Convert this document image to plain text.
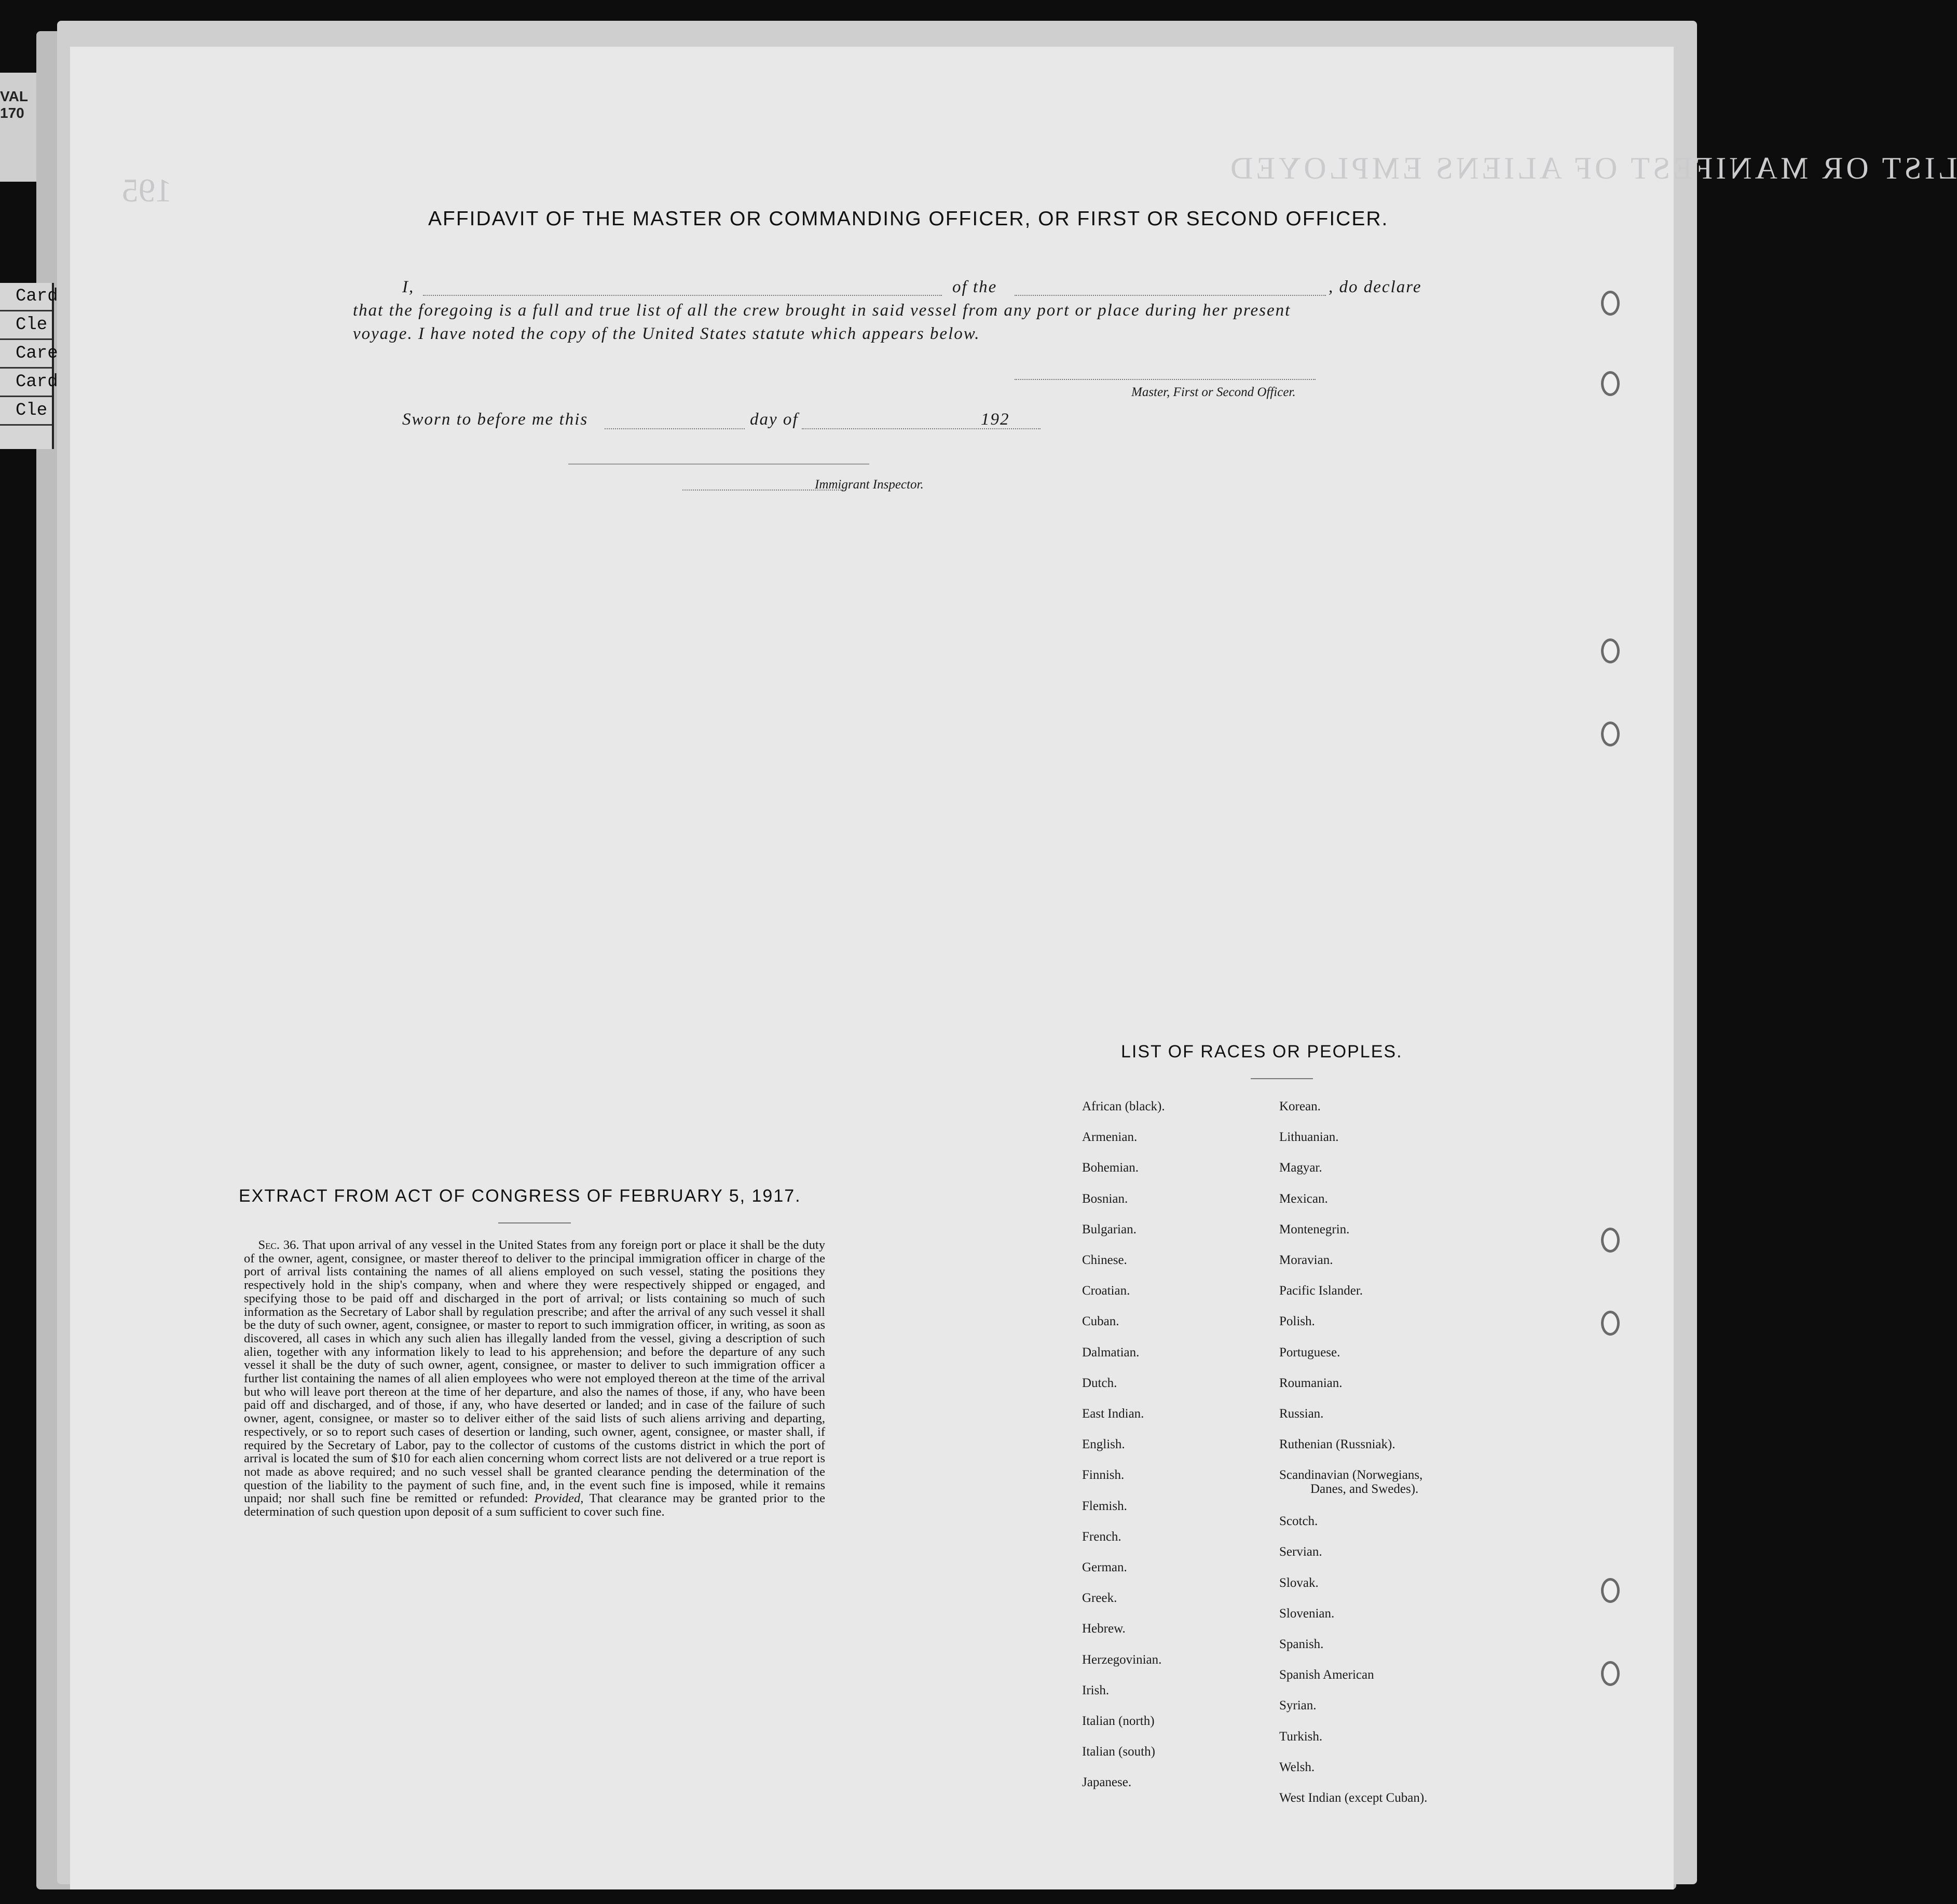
VAL 170
Card
Cle
Care
Card
Cle
LIST OR MANIFEST OF ALIENS EMPLOYED
195
AFFIDAVIT OF THE MASTER OR COMMANDING OFFICER, OR FIRST OR SECOND OFFICER.
I,	of the	, do declare
that the foregoing is a full and true list of all the crew brought in said vessel from any port or place during her present
voyage. I have noted the copy of the United States statute which appears below.
Master, First or Second Officer.
Sworn to before me this	day of	192
Immigrant Inspector.
LIST OF RACES OR PEOPLES.
EXTRACT FROM ACT OF CONGRESS OF FEBRUARY 5, 1917.
Sec. 36. That upon arrival of any vessel in the United States from any foreign port or place it shall be the duty of the owner, agent, consignee, or master thereof to deliver to the principal immigration officer in charge of the port of arrival lists containing the names of all aliens employed on such vessel, stating the positions they respectively hold in the ship's company, when and where they were respectively shipped or engaged, and specifying those to be paid off and discharged in the port of arrival; or lists containing so much of such information as the Secretary of Labor shall by regulation prescribe; and after the arrival of any such vessel it shall be the duty of such owner, agent, consignee, or master to report to such immigration officer, in writing, as soon as discovered, all cases in which any such alien has illegally landed from the vessel, giving a description of such alien, together with any information likely to lead to his apprehension; and before the departure of any such vessel it shall be the duty of such owner, agent, consignee, or master to deliver to such immigration officer a further list containing the names of all alien employees who were not employed thereon at the time of the arrival but who will leave port thereon at the time of her departure, and also the names of those, if any, who have been paid off and discharged, and of those, if any, who have deserted or landed; and in case of the failure of such owner, agent, consignee, or master so to deliver either of the said lists of such aliens arriving and departing, respectively, or so to report such cases of desertion or landing, such owner, agent, consignee, or master shall, if required by the Secretary of Labor, pay to the collector of customs of the customs district in which the port of arrival is located the sum of $10 for each alien concerning whom correct lists are not delivered or a true report is not made as above required; and no such vessel shall be granted clearance pending the determination of the question of the liability to the payment of such fine, and, in the event such fine is imposed, while it remains unpaid; nor shall such fine be remitted or refunded: Provided, That clearance may be granted prior to the determination of such question upon deposit of a sum sufficient to cover such fine.
African (black).
Armenian.
Bohemian.
Bosnian.
Bulgarian.
Chinese.
Croatian.
Cuban.
Dalmatian.
Dutch.
East Indian.
English.
Finnish.
Flemish.
French.
German.
Greek.
Hebrew.
Herzegovinian.
Irish.
Italian (north)
Italian (south)
Japanese.
Korean.
Lithuanian.
Magyar.
Mexican.
Montenegrin.
Moravian.
Pacific Islander.
Polish.
Portuguese.
Roumanian.
Russian.
Ruthenian (Russniak).
Scandinavian (Norwegians,
Danes, and Swedes).
Scotch.
Servian.
Slovak.
Slovenian.
Spanish.
Spanish American
Syrian.
Turkish.
Welsh.
West Indian (except Cuban).
